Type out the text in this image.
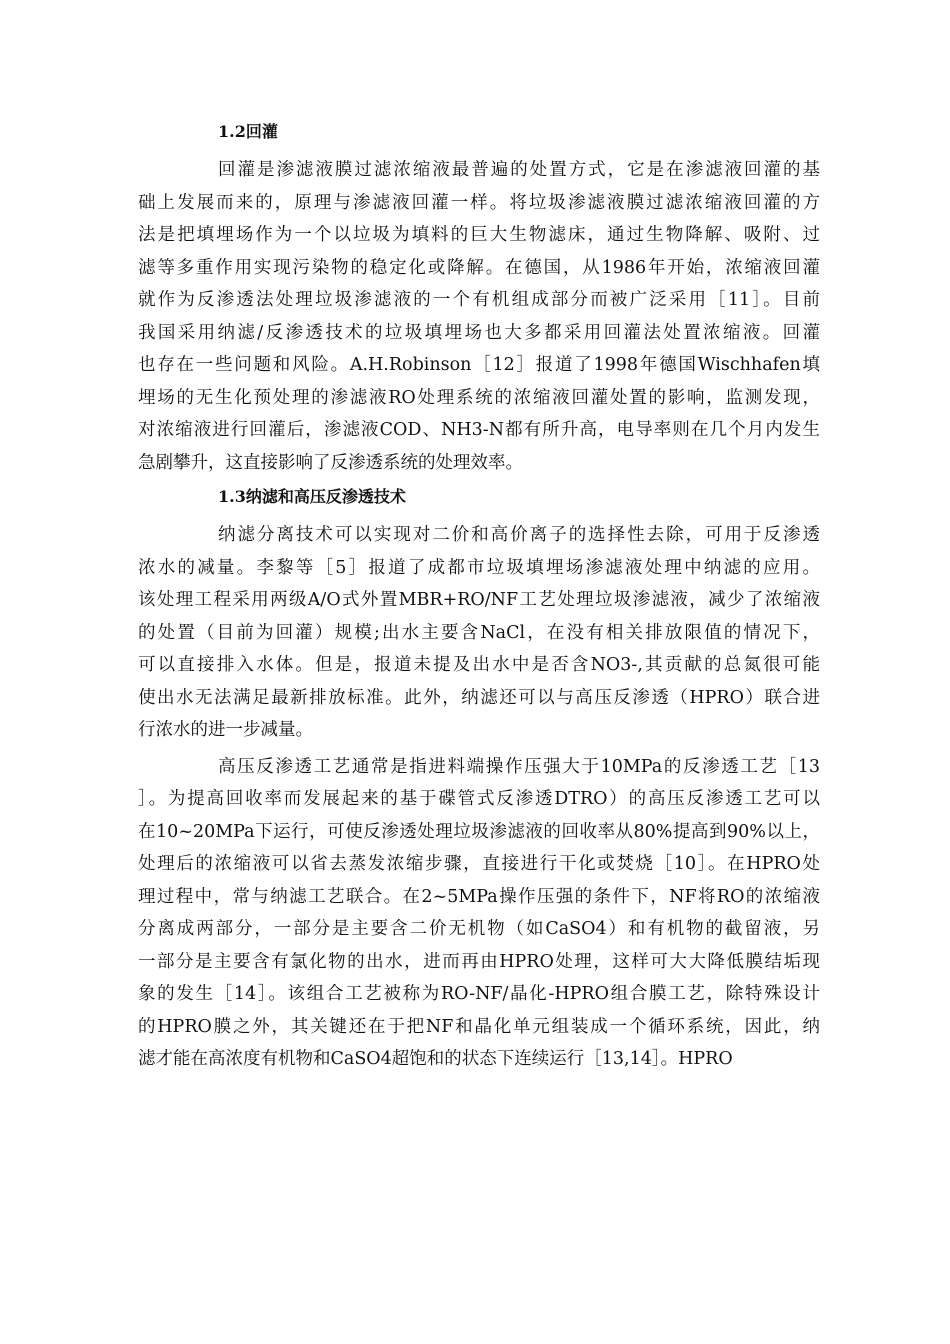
1.2回灌

回灌是渗滤液膜过滤浓缩液最普遍的处置方式，它是在渗滤液回灌的基
础上发展而来的，原理与渗滤液回灌一样。将垃圾渗滤液膜过滤浓缩液回灌的方
法是把填埋场作为一个以垃圾为填料的巨大生物滤床，通过生物降解、吸附、过
滤等多重作用实现污染物的稳定化或降解。在德国，从1986年开始，浓缩液回灌
就作为反渗透法处理垃圾渗滤液的一个有机组成部分而被广泛采用［11］。目前
我国采用纳滤/反渗透技术的垃圾填埋场也大多都采用回灌法处置浓缩液。回灌
也存在一些问题和风险。A.H.Robinson［12］报道了1998年德国Wischhafen填
埋场的无生化预处理的渗滤液RO处理系统的浓缩液回灌处置的影响，监测发现，
对浓缩液进行回灌后，渗滤液COD、NH3-N都有所升高，电导率则在几个月内发生
急剧攀升，这直接影响了反渗透系统的处理效率。

1.3纳滤和高压反渗透技术

纳滤分离技术可以实现对二价和高价离子的选择性去除，可用于反渗透
浓水的减量。李黎等［5］报道了成都市垃圾填埋场渗滤液处理中纳滤的应用。
该处理工程采用两级A/O式外置MBR+RO/NF工艺处理垃圾渗滤液，减少了浓缩液
的处置（目前为回灌）规模;出水主要含NaCl，在没有相关排放限值的情况下，
可以直接排入水体。但是，报道未提及出水中是否含NO3-,其贡献的总氮很可能
使出水无法满足最新排放标准。此外，纳滤还可以与高压反渗透（HPRO）联合进
行浓水的进一步减量。

高压反渗透工艺通常是指进料端操作压强大于10MPa的反渗透工艺［13
］。为提高回收率而发展起来的基于碟管式反渗透DTRO）的高压反渗透工艺可以
在10~20MPa下运行，可使反渗透处理垃圾渗滤液的回收率从80%提高到90%以上，
处理后的浓缩液可以省去蒸发浓缩步骤，直接进行干化或焚烧［10］。在HPRO处
理过程中，常与纳滤工艺联合。在2~5MPa操作压强的条件下，NF将RO的浓缩液
分离成两部分，一部分是主要含二价无机物（如CaSO4）和有机物的截留液，另
一部分是主要含有氯化物的出水，进而再由HPRO处理，这样可大大降低膜结垢现
象的发生［14］。该组合工艺被称为RO-NF/晶化-HPRO组合膜工艺，除特殊设计
的HPRO膜之外，其关键还在于把NF和晶化单元组装成一个循环系统，因此，纳
滤才能在高浓度有机物和CaSO4超饱和的状态下连续运行［13,14］。HPRO
